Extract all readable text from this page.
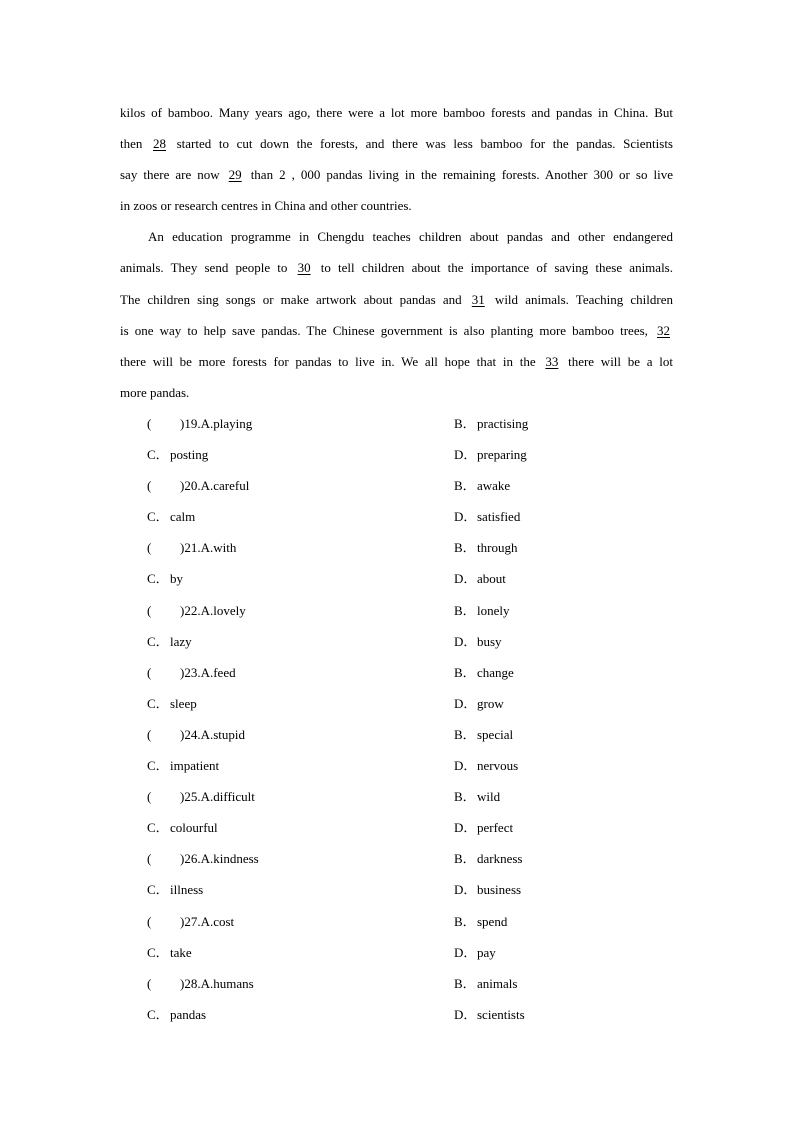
kilos of bamboo. Many years ago, there were a lot more bamboo forests and pandas in China. But
then 28 started to cut down the forests, and there was less bamboo for the pandas. Scientists
say there are now 29 than 2 , 000 pandas living in the remaining forests. Another 300 or so live
in zoos or research centres in China and other countries.

An education programme in Chengdu teaches children about pandas and other endangered
animals. They send people to 30 to tell children about the importance of saving these animals.
The children sing songs or make artwork about pandas and 31 wild animals. Teaching children
is one way to help save pandas. The Chinese government is also planting more bamboo trees, 32
there will be more forests for pandas to live in. We all hope that in the 33 there will be a lot
more pandas.

( )19.A.playing	B．practising
C．posting	D．preparing
( )20.A.careful	B．awake
C．calm	D．satisfied
( )21.A.with	B．through
C．by	D．about
( )22.A.lovely	B．lonely
C．lazy	D．busy
( )23.A.feed	B．change
C．sleep	D．grow
( )24.A.stupid	B．special
C．impatient	D．nervous
( )25.A.difficult	B．wild
C．colourful	D．perfect
( )26.A.kindness	B．darkness
C．illness	D．business
( )27.A.cost	B．spend
C．take	D．pay
( )28.A.humans	B．animals
C．pandas	D．scientists
